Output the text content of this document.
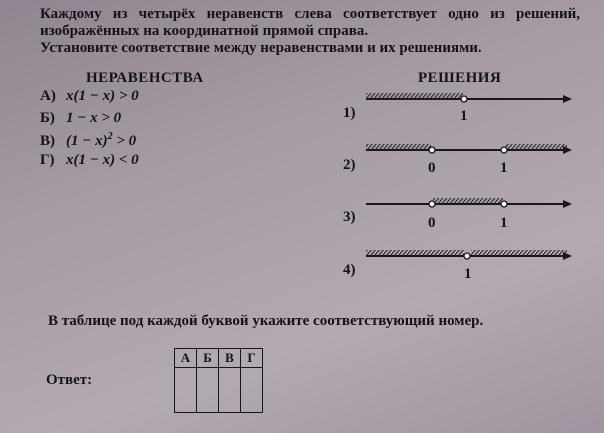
Каждому из четырёх неравенств слева соответствует одно из решений, изображённых на координатной прямой справа.

Установите соответствие между неравенствами и их решениями.

НЕРАВЕНСТВА	РЕШЕНИЯ
А) x(1 − x) > 0
Б) 1 − x > 0
В) $(1 - x)^2 > 0$
Г) x(1 − x) < 0
1)	1
2)	0	1
3)	0	1
4)	1
В таблице под каждой буквой укажите соответствующий номер.
Ответ:
А	Б	В	Г
